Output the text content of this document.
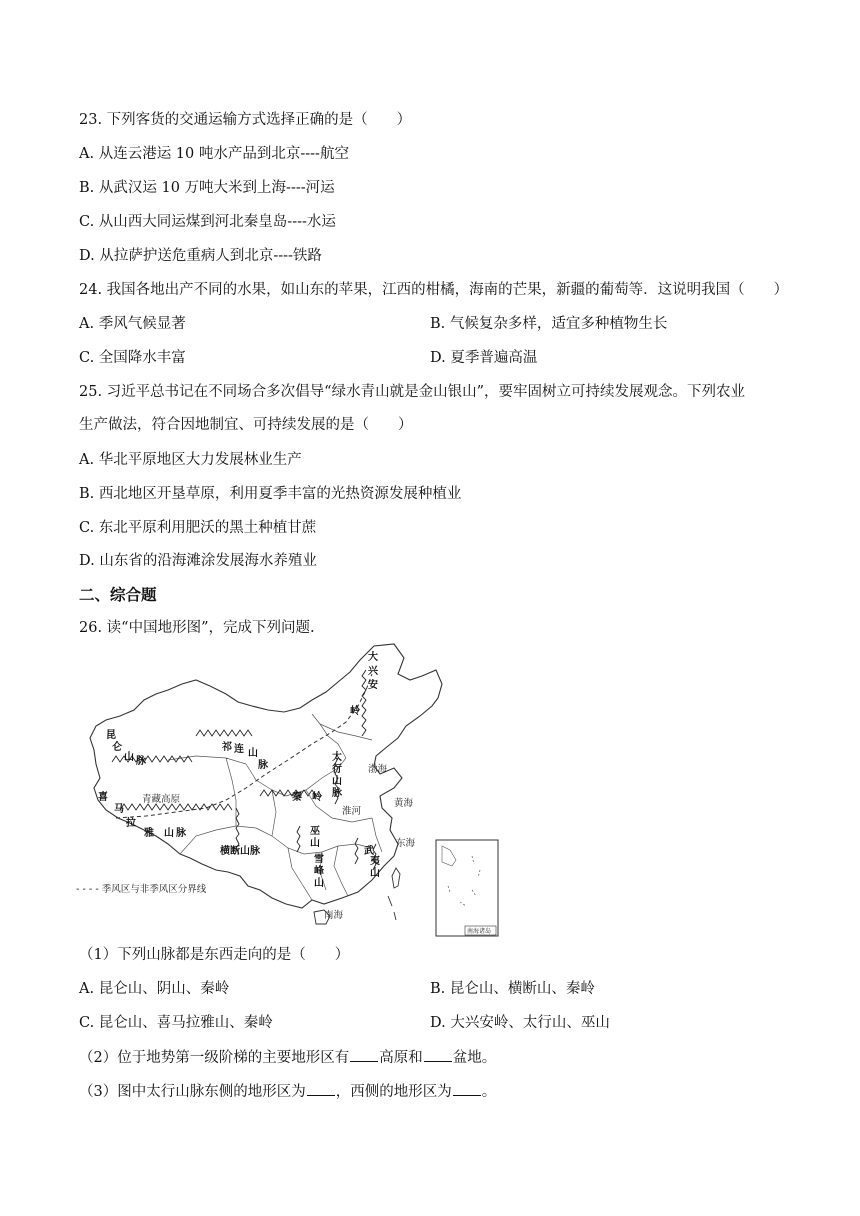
23. 下列客货的交通运输方式选择正确的是（　　）
A. 从连云港运 10 吨水产品到北京----航空
B. 从武汉运 10 万吨大米到上海----河运
C. 从山西大同运煤到河北秦皇岛----水运
D. 从拉萨护送危重病人到北京----铁路
24. 我国各地出产不同的水果，如山东的苹果，江西的柑橘，海南的芒果，新疆的葡萄等．这说明我国（　　）
A. 季风气候显著	B. 气候复杂多样，适宜多种植物生长
C. 全国降水丰富	D. 夏季普遍高温
25. 习近平总书记在不同场合多次倡导“绿水青山就是金山银山”，要牢固树立可持续发展观念。下列农业
生产做法，符合因地制宜、可持续发展的是（　　）
A. 华北平原地区大力发展林业生产
B. 西北地区开垦草原，利用夏季丰富的光热资源发展种植业
C. 东北平原利用肥沃的黑土种植甘蔗
D. 山东省的沿海滩涂发展海水养殖业
二、综合题
26. 读“中国地形图”，完成下列问题.
大
兴
安
岭
昆
仑
山 脉
祁 连 山
脉
太
行
山
脉
渤海
青藏高原	秦　岭
黄海
淮河
喜
马
拉
雅 山 脉
横断山脉
巫
山
雪
峰
山
武
夷
山
东海
南海
- - - - 季风区与非季风区分界线
南海诸岛
（1）下列山脉都是东西走向的是（　　）
A. 昆仑山、阴山、秦岭	B. 昆仑山、横断山、秦岭
C. 昆仑山、喜马拉雅山、秦岭	D. 大兴安岭、太行山、巫山
（2）位于地势第一级阶梯的主要地形区有 高原和 盆地。
（3）图中太行山脉东侧的地形区为 ，西侧的地形区为 。
